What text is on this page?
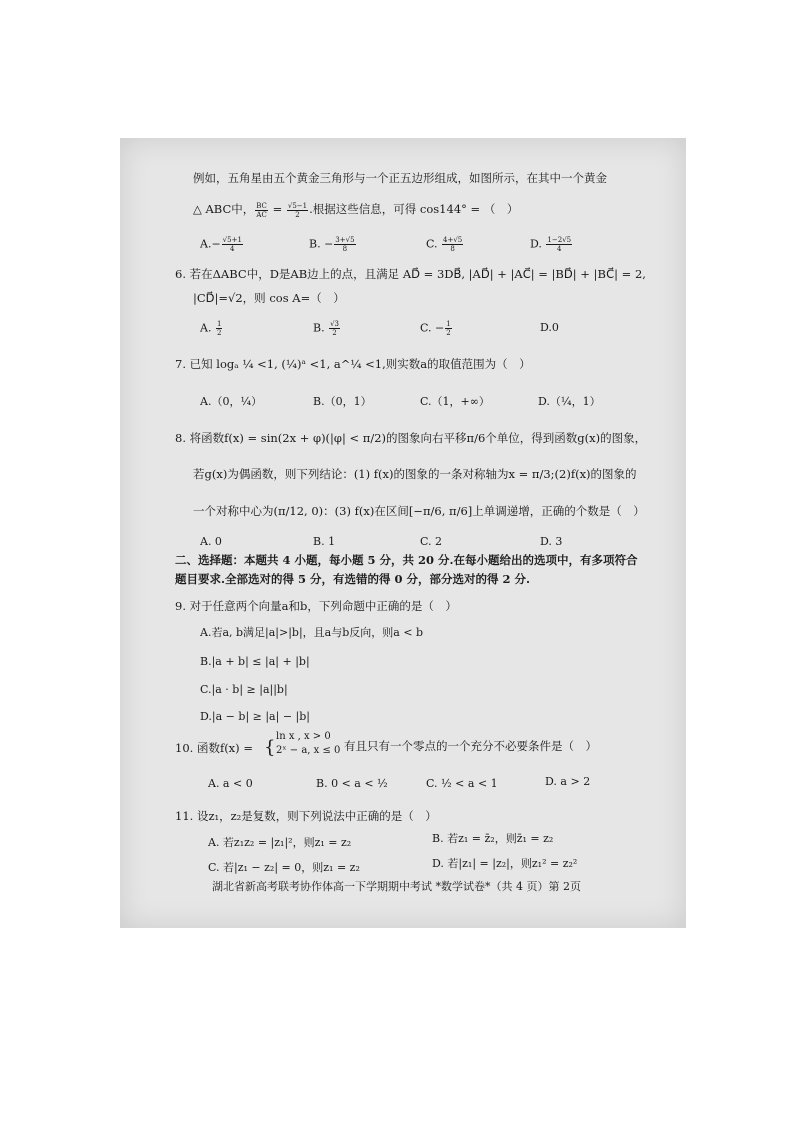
例如，五角星由五个黄金三角形与一个正五边形组成，如图所示，在其中一个黄金
△ ABC中， $\frac{BC}{AC} = \frac{√5-1}{2}$ .根据这些信息，可得 cos144° = （　）
$A.- \frac{√5+1}{4}$	B. − $\frac{3+√5}{8}$	C. $\frac{4+√5}{8}$	D. $\frac{1-2√5}{4}$
6. 若在ΔABC中，D是AB边上的点，且满足 AD⃗ = 3DB⃗, |AD⃗| + |AC⃗| = |BD⃗| + |BC⃗| = 2,
|CD⃗|=√2，则 cos A=（　）
A. $\frac{1}{2}$	B. $\frac{√3}{2}$	C. − $\frac{1}{2}$	D.0
7. 已知 logₐ ¼ <1, (¼)ᵃ <1, a^¼ <1,则实数a的取值范围为（　）
A.（0，¼）	B.（0，1）	C.（1，+∞）	D.（¼，1）
8. 将函数f(x) = sin(2x + φ)(|φ| < π/2)的图象向右平移π/6个单位，得到函数g(x)的图象，
若g(x)为偶函数，则下列结论：(1) f(x)的图象的一条对称轴为x = π/3;(2)f(x)的图象的
一个对称中心为(π/12, 0)：(3) f(x)在区间[−π/6, π/6]上单调递增，正确的个数是（　）
A. 0	B. 1	C. 2	D. 3
二、选择题：本题共 4 小题，每小题 5 分，共 20 分.在每小题给出的选项中，有多项符合
题目要求.全部选对的得 5 分，有选错的得 0 分，部分选对的得 2 分.
9. 对于任意两个向量a和b，下列命题中正确的是（　）
A.若a, b满足|a|>|b|，且a与b反向，则a < b
B.|a + b| ≤ |a| + |b|
C.|a · b| ≥ |a||b|
D.|a − b| ≥ |a| − |b|
10. 函数f(x) = {
ln x , x > 0
2ˣ − a, x ≤ 0 有且只有一个零点的一个充分不必要条件是（　）
A. a < 0	B. 0 < a < ½	C. ½ < a < 1	D. a > 2
11. 设z₁，z₂是复数，则下列说法中正确的是（　）
A. 若z₁z₂ = |z₁|²，则z₁ = z₂	B. 若z₁ = z̄₂，则z̄₁ = z₂
C. 若|z₁ − z₂| = 0，则z₁ = z₂	D. 若|z₁| = |z₂|，则z₁² = z₂²
湖北省新高考联考协作体高一下学期期中考试 *数学试卷*（共 4 页）第 2页
